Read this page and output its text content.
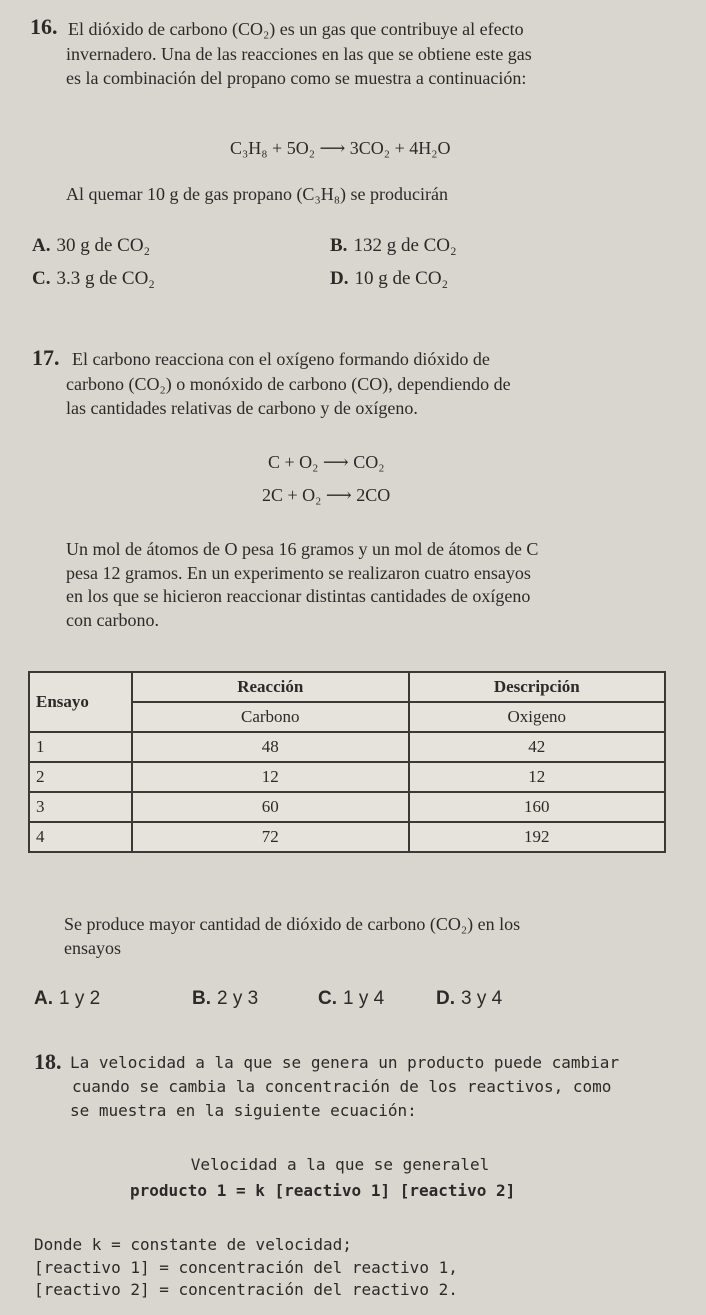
16. El dióxido de carbono (CO₂) es un gas que contribuye al efecto
invernadero. Una de las reacciones en las que se obtiene este gas
es la combinación del propano como se muestra a continuación:
C₃H₈ + 5O₂ ⟶ 3CO₂ + 4H₂O
Al quemar 10 g de gas propano (C₃H₈) se producirán
A. 30 g de CO₂	B. 132 g de CO₂
C. 3.3 g de CO₂	D. 10 g de CO₂
17. El carbono reacciona con el oxígeno formando dióxido de
carbono (CO₂) o monóxido de carbono (CO), dependiendo de
las cantidades relativas de carbono y de oxígeno.
C + O₂ ⟶ CO₂
2C + O₂ ⟶ 2CO
Un mol de átomos de O pesa 16 gramos y un mol de átomos de C
pesa 12 gramos. En un experimento se realizaron cuatro ensayos
en los que se hicieron reaccionar distintas cantidades de oxígeno
con carbono.
Ensayo	Reacción	Descripción
	Carbono	Oxigeno
1	48	42
2	12	12
3	60	160
4	72	192
Se produce mayor cantidad de dióxido de carbono (CO₂) en los
ensayos
A. 1 y 2	B. 2 y 3	C. 1 y 4	D. 3 y 4
18. La velocidad a la que se genera un producto puede cambiar
cuando se cambia la concentración de los reactivos, como
se muestra en la siguiente ecuación:
Velocidad a la que se generalel
producto 1 = k [reactivo 1] [reactivo 2]
Donde k = constante de velocidad;
[reactivo 1] = concentración del reactivo 1,
[reactivo 2] = concentración del reactivo 2.
